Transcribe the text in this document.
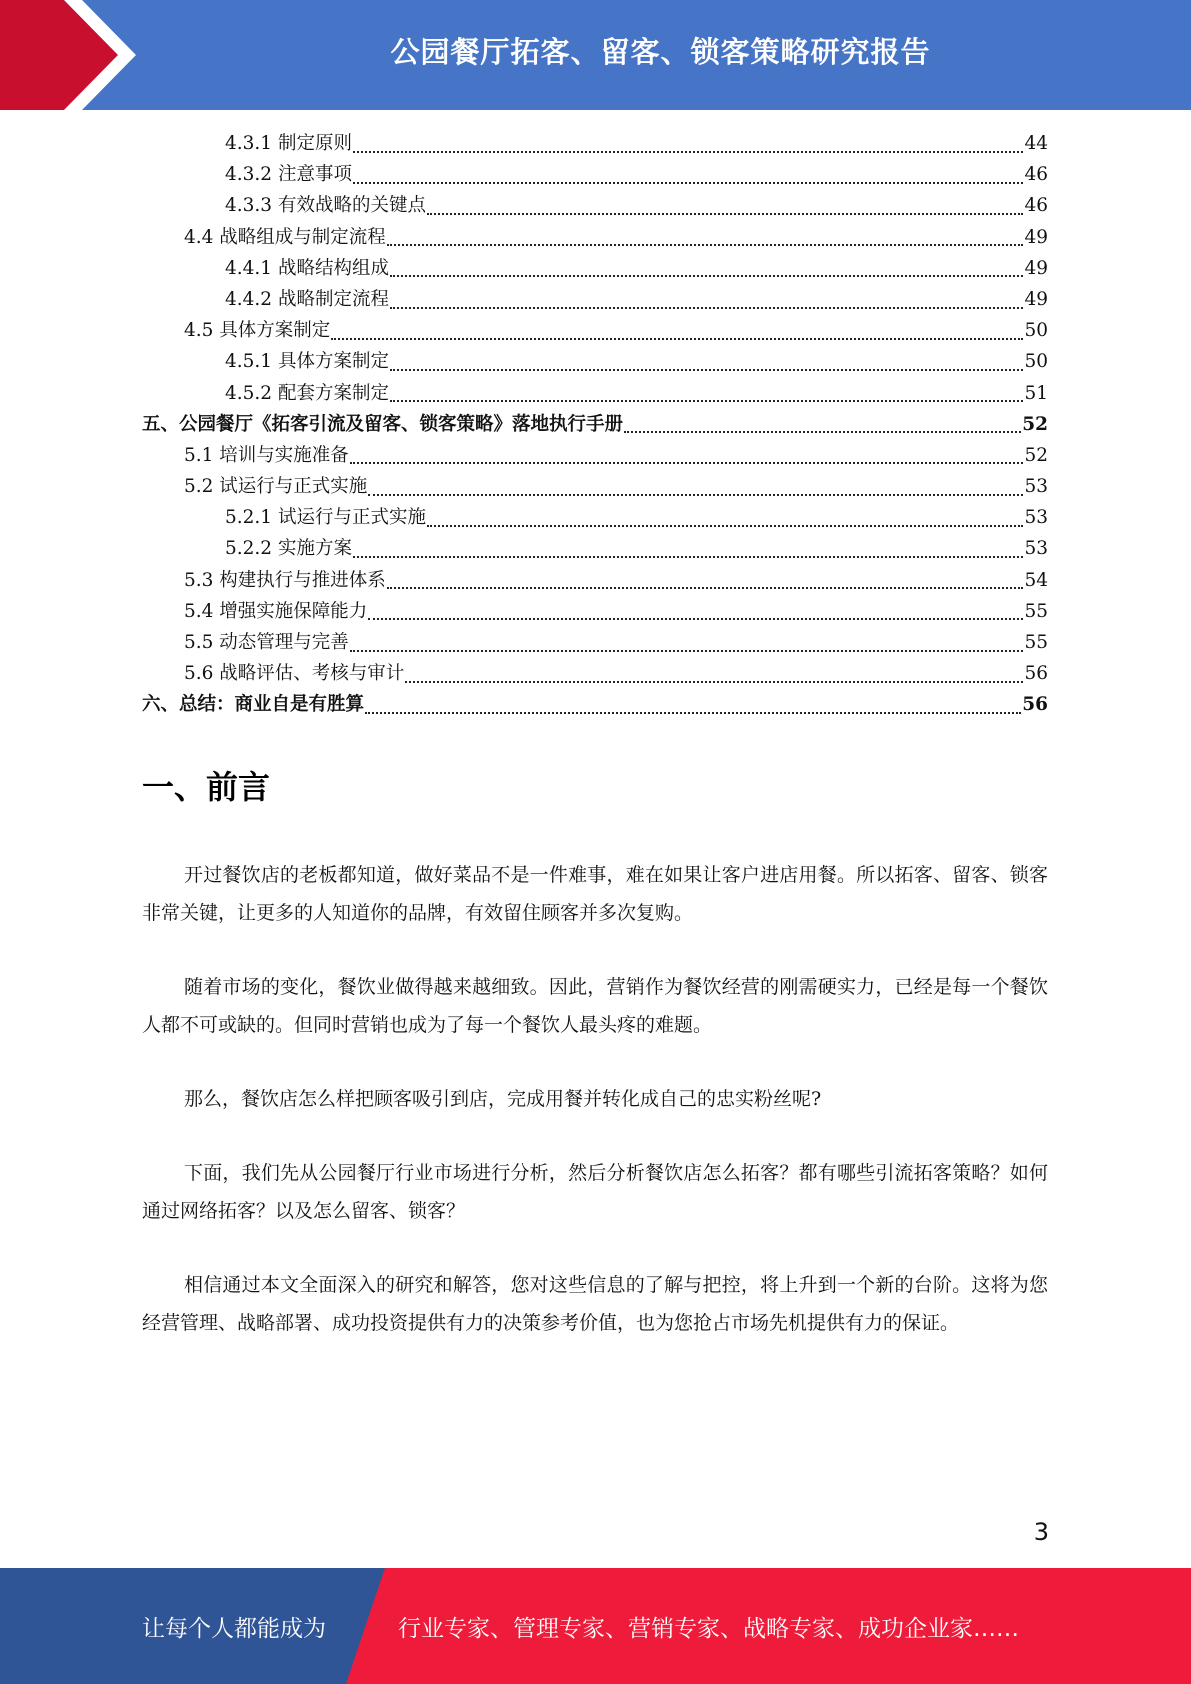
公园餐厅拓客、留客、锁客策略研究报告
4.3.1 制定原则	44
4.3.2 注意事项	46
4.3.3 有效战略的关键点	46
4.4 战略组成与制定流程	49
4.4.1 战略结构组成	49
4.4.2 战略制定流程	49
4.5 具体方案制定	50
4.5.1 具体方案制定	50
4.5.2 配套方案制定	51
五、公园餐厅《拓客引流及留客、锁客策略》落地执行手册	52
5.1 培训与实施准备	52
5.2 试运行与正式实施	53
5.2.1 试运行与正式实施	53
5.2.2 实施方案	53
5.3 构建执行与推进体系	54
5.4 增强实施保障能力	55
5.5 动态管理与完善	55
5.6 战略评估、考核与审计	56
六、总结：商业自是有胜算	56
一、前言

开过餐饮店的老板都知道，做好菜品不是一件难事，难在如果让客户进店用餐。所以拓客、留客、锁客非常关键，让更多的人知道你的品牌，有效留住顾客并多次复购。

随着市场的变化，餐饮业做得越来越细致。因此，营销作为餐饮经营的刚需硬实力，已经是每一个餐饮人都不可或缺的。但同时营销也成为了每一个餐饮人最头疼的难题。

那么，餐饮店怎么样把顾客吸引到店，完成用餐并转化成自己的忠实粉丝呢?

下面，我们先从公园餐厅行业市场进行分析，然后分析餐饮店怎么拓客？都有哪些引流拓客策略？如何通过网络拓客？以及怎么留客、锁客？

相信通过本文全面深入的研究和解答，您对这些信息的了解与把控，将上升到一个新的台阶。这将为您经营管理、战略部署、成功投资提供有力的决策参考价值，也为您抢占市场先机提供有力的保证。

3
让每个人都能成为	行业专家、管理专家、营销专家、战略专家、成功企业家……
